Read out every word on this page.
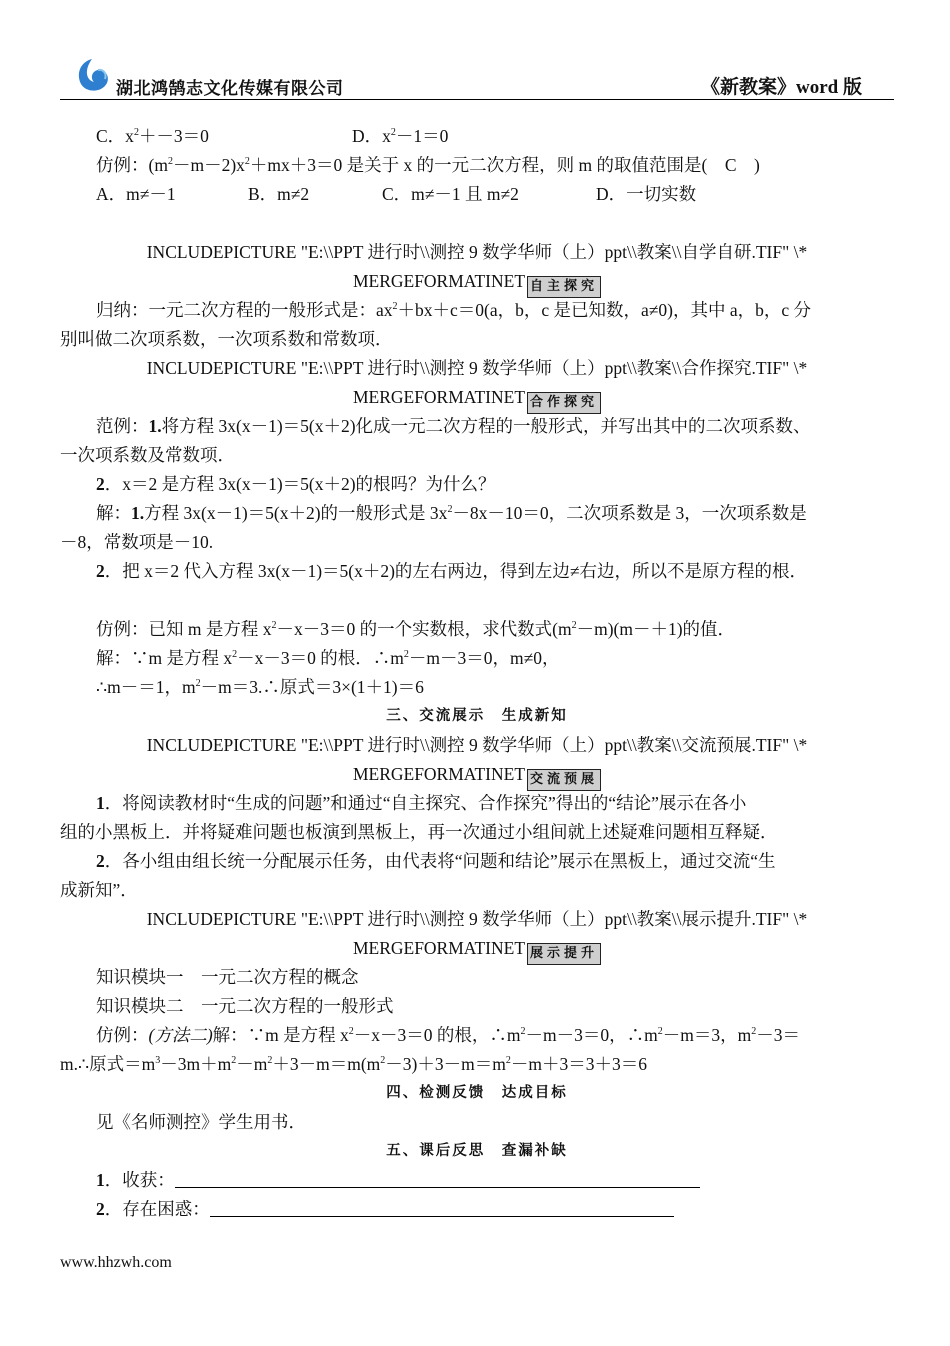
湖北鸿鹄志文化传媒有限公司	《新教案》word 版
C．$x^2+-3=0$	D．$x^2-1=0$
仿例：$(m^2-m-2)x^2+mx+3=0$ 是关于 x 的一元二次方程，则 m 的取值范围是(　C　)
A．m≠－1	B．m≠2	C．m≠－1 且 m≠2	D．一切实数
INCLUDEPICTURE "E:\\PPT 进行时\\测控 9 数学华师（上）ppt\\教案\\自学自研.TIF" \*
MERGEFORMATINET 自主探究
归纳：一元二次方程的一般形式是：$ax^2+bx+c=0(a$，b，c 是已知数，a≠0)，其中 a，b，c 分
别叫做二次项系数，一次项系数和常数项．
INCLUDEPICTURE "E:\\PPT 进行时\\测控 9 数学华师（上）ppt\\教案\\合作探究.TIF" \*
MERGEFORMATINET 合作探究
范例：1.将方程 3x(x－1)＝5(x＋2)化成一元二次方程的一般形式，并写出其中的二次项系数、
一次项系数及常数项．
2．x＝2 是方程 3x(x－1)＝5(x＋2)的根吗？为什么？
解：1.方程 3x(x－1)＝5(x＋2)的一般形式是 $3x^2-8x-10=0$，二次项系数是 3，一次项系数是
－8，常数项是－10.
2．把 x＝2 代入方程 3x(x－1)＝5(x＋2)的左右两边，得到左边≠右边，所以不是原方程的根．
仿例：已知 m 是方程 $x^2-x-3=0$ 的一个实数根，求代数式$(m^2-m)(m-+1)$的值．
解：∵m 是方程 $x^2-x-3=0$ 的根．$\therefore m^2-m-3=0$，m≠0，
∴m－＝1，$m^2-m=3.\therefore$原式＝3×(1＋1)＝6
三、交流展示　生成新知
INCLUDEPICTURE "E:\\PPT 进行时\\测控 9 数学华师（上）ppt\\教案\\交流预展.TIF" \*
MERGEFORMATINET 交流预展
1．将阅读教材时“生成的问题”和通过“自主探究、合作探究”得出的“结论”展示在各小
组的小黑板上．并将疑难问题也板演到黑板上，再一次通过小组间就上述疑难问题相互释疑．
2．各小组由组长统一分配展示任务，由代表将“问题和结论”展示在黑板上，通过交流“生
成新知”．
INCLUDEPICTURE "E:\\PPT 进行时\\测控 9 数学华师（上）ppt\\教案\\展示提升.TIF" \*
MERGEFORMATINET 展示提升
知识模块一　一元二次方程的概念
知识模块二　一元二次方程的一般形式
仿例：(方法二)解：∵m 是方程 $x^2-x-3=0$ 的根，$\therefore m^2-m-3=0$，$\therefore m^2-m=3$，$m^2-3=$
m.∴原式$=m^3-3m+m^2-m^2+3-m=m(m^2-3)+3-m=m^2-m+3=3+3=6$
四、检测反馈　达成目标
见《名师测控》学生用书．
五、课后反思　查漏补缺
1．收获：
2．存在困惑：
www.hhzwh.com
